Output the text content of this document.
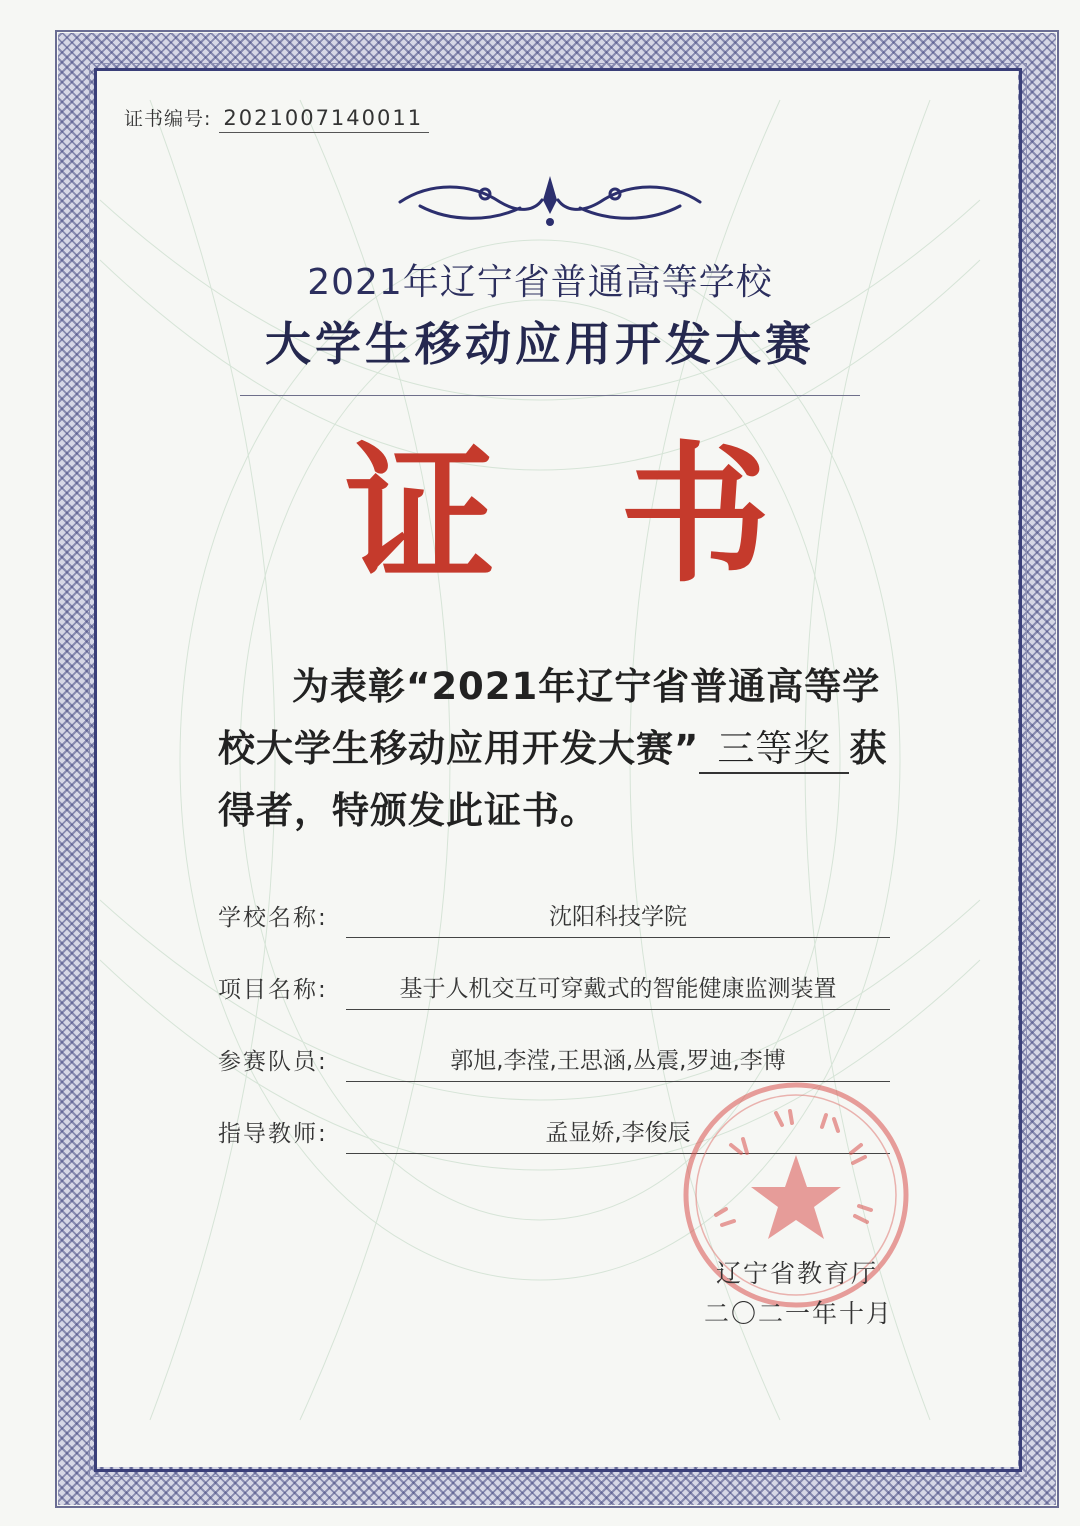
证书编号: 2021007140011
2021年辽宁省普通高等学校
大学生移动应用开发大赛
证 书
为表彰“2021年辽宁省普通高等学校大学生移动应用开发大赛” 三等奖 获得者，特颁发此证书。
学校名称:	沈阳科技学院
项目名称:	基于人机交互可穿戴式的智能健康监测装置
参赛队员:	郭旭,李滢,王思涵,丛震,罗迪,李博
指导教师:	孟显娇,李俊辰
辽宁省教育厅
二〇二一年十月
